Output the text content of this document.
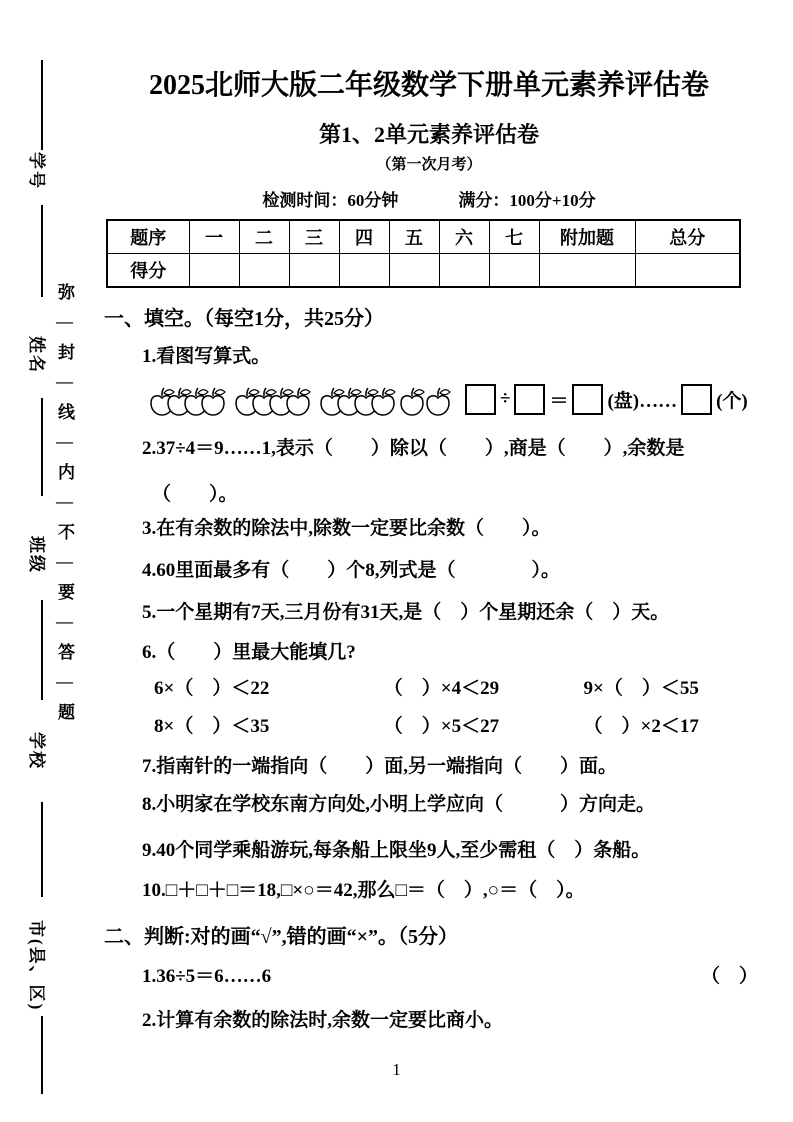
学号
姓名
班级
学校
市(县、区)
弥—封—线—内—不—要—答—题
2025北师大版二年级数学下册单元素养评估卷
第1、2单元素养评估卷
（第一次月考）
检测时间：60分钟	满分：100分+10分
题序	一	二	三	四	五	六	七	附加题	总分
得分									
一、填空。（每空1分，共25分）
1.看图写算式。
÷ ＝ (盘)…… (个)
2.37÷4＝9……1,表示（　　）除以（　　）,商是（　　）,余数是
（　　）。
3.在有余数的除法中,除数一定要比余数（　　）。
4.60里面最多有（　　）个8,列式是（　　　　）。
5.一个星期有7天,三月份有31天,是（　）个星期还余（　）天。
6.（　　）里最大能填几?
6×（　）＜22	（　）×4＜29	9×（　）＜55
8×（　）＜35	（　）×5＜27	（　）×2＜17
7.指南针的一端指向（　　）面,另一端指向（　　）面。
8.小明家在学校东南方向处,小明上学应向（　　　）方向走。
9.40个同学乘船游玩,每条船上限坐9人,至少需租（　）条船。
10.□＋□＋□＝18,□×○＝42,那么□＝（　）,○＝（　）。
二、判断:对的画“√”,错的画“×”。（5分）
1.36÷5＝6……6	（　）
2.计算有余数的除法时,余数一定要比商小。
1
